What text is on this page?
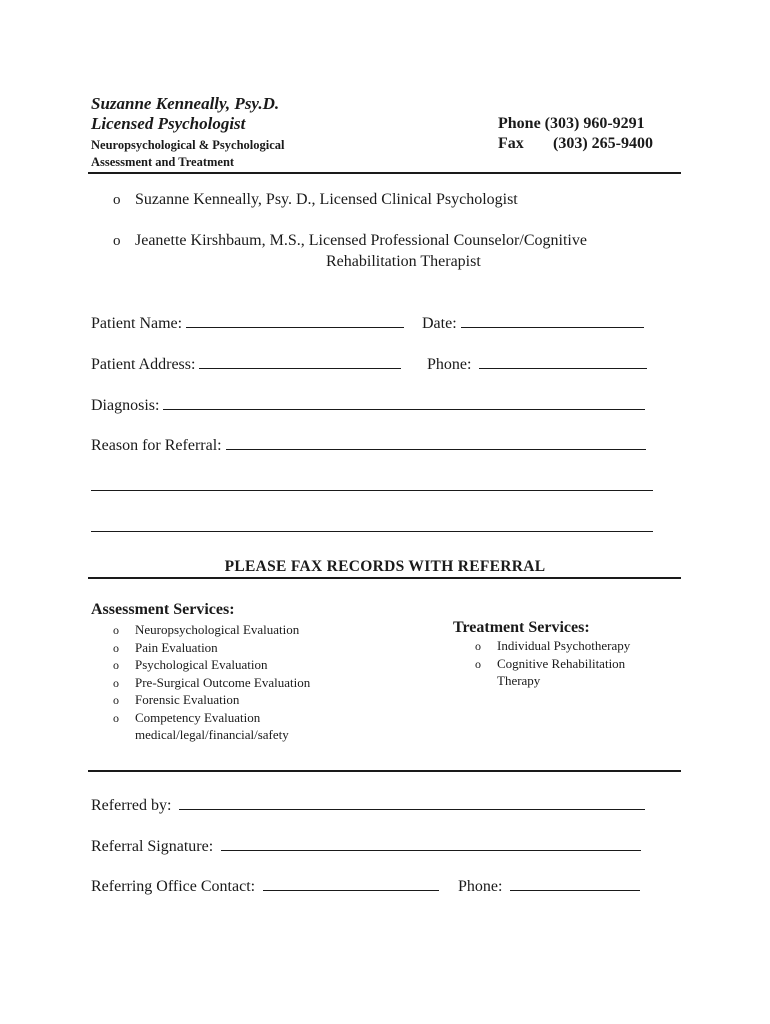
Suzanne Kenneally, Psy.D.
Licensed Psychologist
Neuropsychological & Psychological
Assessment and Treatment
Phone (303) 960-9291
Fax (303) 265-9400
o Suzanne Kenneally, Psy. D., Licensed Clinical Psychologist
o Jeanette Kirshbaum, M.S., Licensed Professional Counselor/Cognitive
Rehabilitation Therapist
Patient Name:	Date:
Patient Address:	Phone:
Diagnosis:
Reason for Referral:
PLEASE FAX RECORDS WITH REFERRAL
Assessment Services:
o Neuropsychological Evaluation
o Pain Evaluation
o Psychological Evaluation
o Pre-Surgical Outcome Evaluation
o Forensic Evaluation
o Competency Evaluation
medical/legal/financial/safety
Treatment Services:
o Individual Psychotherapy
o Cognitive Rehabilitation
Therapy
Referred by:
Referral Signature:
Referring Office Contact:	Phone:
